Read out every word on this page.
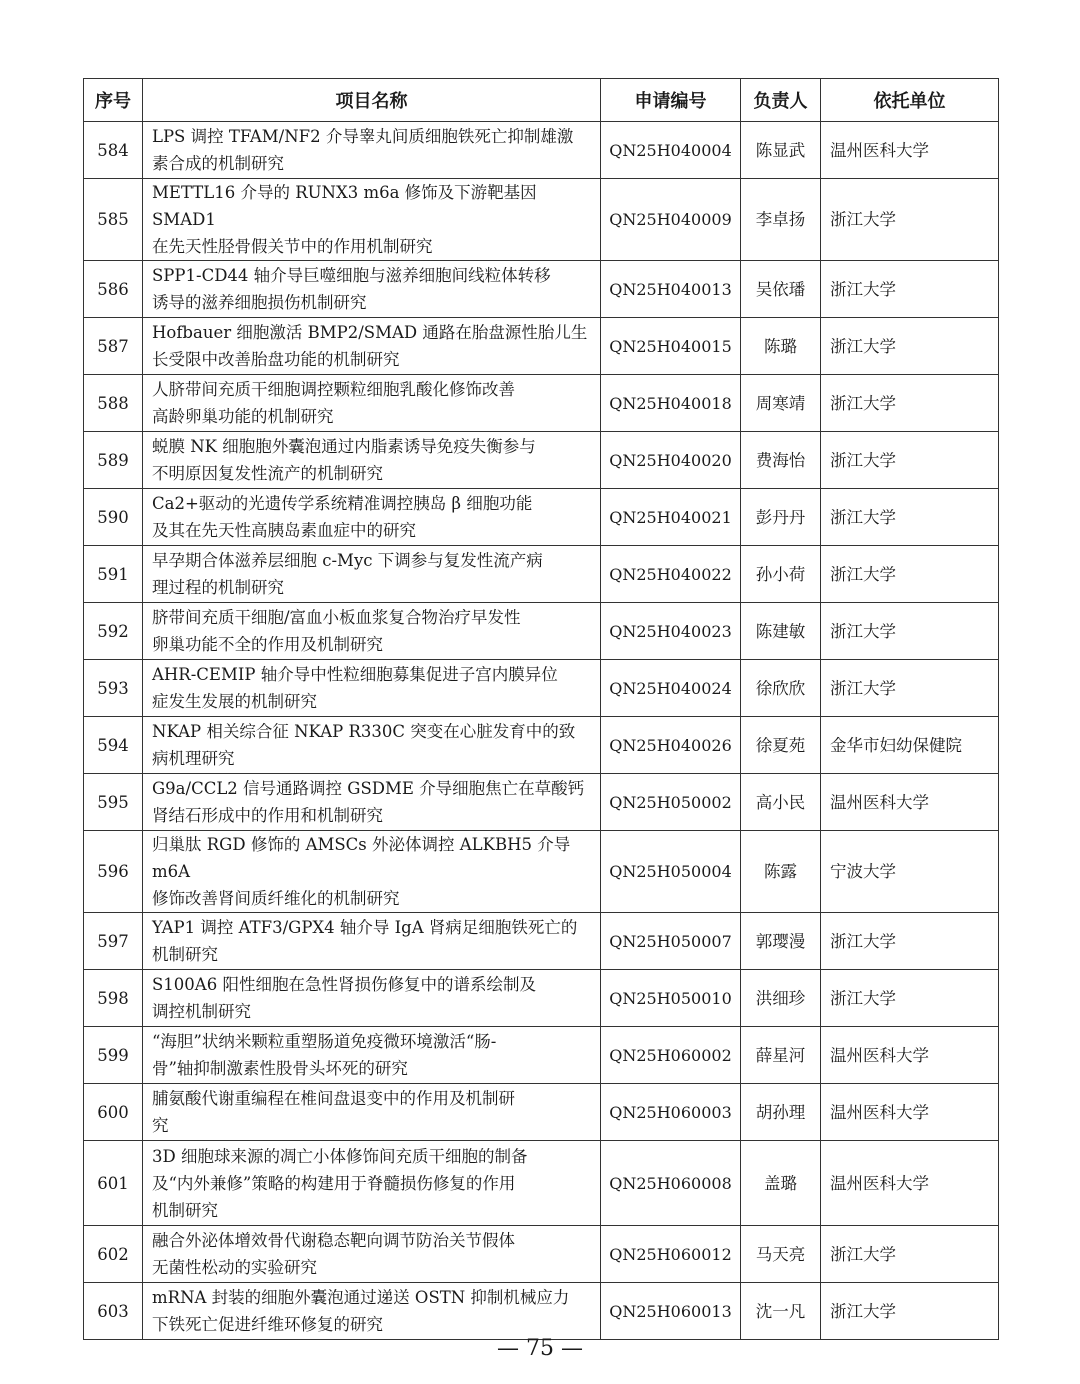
序号	项目名称	申请编号	负责人	依托单位
584	LPS 调控 TFAM/NF2 介导睾丸间质细胞铁死亡抑制雄激
素合成的机制研究	QN25H040004	陈显武	温州医科大学
585	METTL16 介导的 RUNX3 m6a 修饰及下游靶基因 SMAD1
在先天性胫骨假关节中的作用机制研究	QN25H040009	李卓扬	浙江大学
586	SPP1-CD44 轴介导巨噬细胞与滋养细胞间线粒体转移
诱导的滋养细胞损伤机制研究	QN25H040013	吴依璠	浙江大学
587	Hofbauer 细胞激活 BMP2/SMAD 通路在胎盘源性胎儿生
长受限中改善胎盘功能的机制研究	QN25H040015	陈璐	浙江大学
588	人脐带间充质干细胞调控颗粒细胞乳酸化修饰改善
高龄卵巢功能的机制研究	QN25H040018	周寒靖	浙江大学
589	蜕膜 NK 细胞胞外囊泡通过内脂素诱导免疫失衡参与
不明原因复发性流产的机制研究	QN25H040020	费海怡	浙江大学
590	Ca2+驱动的光遗传学系统精准调控胰岛 β 细胞功能
及其在先天性高胰岛素血症中的研究	QN25H040021	彭丹丹	浙江大学
591	早孕期合体滋养层细胞 c-Myc 下调参与复发性流产病
理过程的机制研究	QN25H040022	孙小荷	浙江大学
592	脐带间充质干细胞/富血小板血浆复合物治疗早发性
卵巢功能不全的作用及机制研究	QN25H040023	陈建敏	浙江大学
593	AHR-CEMIP 轴介导中性粒细胞募集促进子宫内膜异位
症发生发展的机制研究	QN25H040024	徐欣欣	浙江大学
594	NKAP 相关综合征 NKAP R330C 突变在心脏发育中的致
病机理研究	QN25H040026	徐夏苑	金华市妇幼保健院
595	G9a/CCL2 信号通路调控 GSDME 介导细胞焦亡在草酸钙
肾结石形成中的作用和机制研究	QN25H050002	高小民	温州医科大学
596	归巢肽 RGD 修饰的 AMSCs 外泌体调控 ALKBH5 介导 m6A
修饰改善肾间质纤维化的机制研究	QN25H050004	陈露	宁波大学
597	YAP1 调控 ATF3/GPX4 轴介导 IgA 肾病足细胞铁死亡的
机制研究	QN25H050007	郭璎漫	浙江大学
598	S100A6 阳性细胞在急性肾损伤修复中的谱系绘制及
调控机制研究	QN25H050010	洪细珍	浙江大学
599	“海胆”状纳米颗粒重塑肠道免疫微环境激活“肠-
骨”轴抑制激素性股骨头坏死的研究	QN25H060002	薛星河	温州医科大学
600	脯氨酸代谢重编程在椎间盘退变中的作用及机制研
究	QN25H060003	胡孙理	温州医科大学
601	3D 细胞球来源的凋亡小体修饰间充质干细胞的制备
及“内外兼修”策略的构建用于脊髓损伤修复的作用
机制研究	QN25H060008	盖璐	温州医科大学
602	融合外泌体增效骨代谢稳态靶向调节防治关节假体
无菌性松动的实验研究	QN25H060012	马天亮	浙江大学
603	mRNA 封装的细胞外囊泡通过递送 OSTN 抑制机械应力
下铁死亡促进纤维环修复的研究	QN25H060013	沈一凡	浙江大学
— 75 —
